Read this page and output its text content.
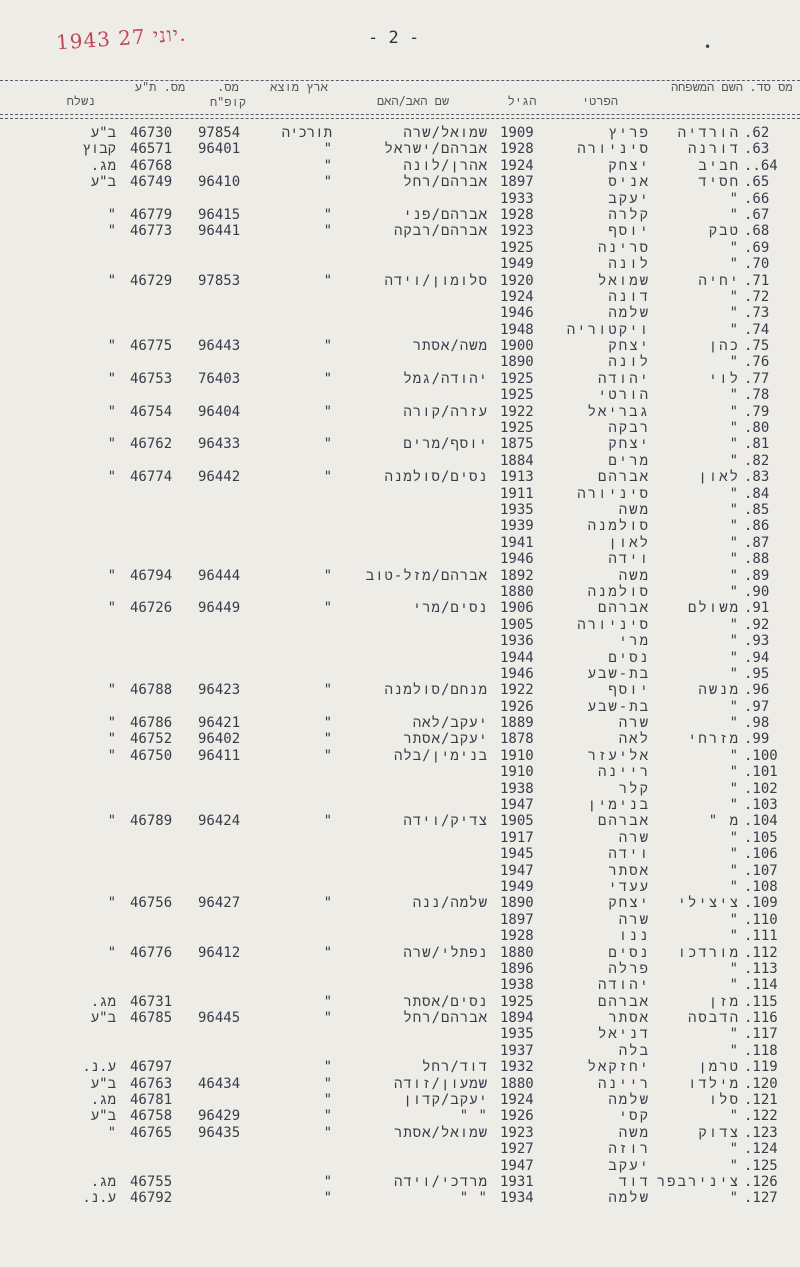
1943 יוני 27.	- 2 -	•
מס סד.
השם המשפחה
הפרטי
הגיל
שם האב/האם
ארץ מוצא
מס. קופ"ח
מס. ת"ע
נשלח
.62
הורדיה
פריץ
1909
שמואל/שרה
תורכיה
97854
46730
ב"ע
.63
דורנה
סיניורה
1928
אברהם/ישראל
"
96401
46571
קבוץ
..64
חביב
יצחק
1924
אהרן/לונה
"
46768
מג.
.65
חסיד
אניס
1897
אברהם/רחל
"
96410
46749
ב"ע
.66
"
יעקב
1933
.67
"
קלרה
1928
אברהם/פני
"
96415
46779
"
.68
טבק
יוסף
1923
אברהם/רבקה
"
96441
46773
"
.69
"
סרינה
1925
.70
"
לונה
1949
.71
יחיה
שמואל
1920
סלומון/וידה
"
97853
46729
"
.72
"
דונה
1924
.73
"
שלמה
1946
.74
"
ויקטוריה
1948
.75
כהן
יצחק
1900
משה/אסתר
"
96443
46775
"
.76
"
לונה
1890
.77
לוי
יהודה
1925
יהודה/גמל
"
76403
46753
"
.78
"
הורטי
1925
.79
"
גבריאל
1922
עזרה/קורה
"
96404
46754
"
.80
"
רבקה
1925
.81
"
יצחק
1875
יוסף/מרים
"
96433
46762
"
.82
"
מרים
1884
.83
לאון
אברהם
1913
נסים/סולמנה
"
96442
46774
"
.84
"
סיניורה
1911
.85
"
משה
1935
.86
"
סולמנה
1939
.87
"
לאון
1941
.88
"
וידה
1946
.89
"
משה
1892
אברהם/מזל-טוב
"
96444
46794
"
.90
"
סולמנה
1880
.91
משולם
אברהם
1906
נסים/מרי
"
96449
46726
"
.92
"
סיניורה
1905
.93
"
מרי
1936
.94
"
נסים
1944
.95
"
בת-שבע
1946
.96
מנשה
יוסף
1922
מנחם/סולמנה
"
96423
46788
"
.97
"
בת-שבע
1926
.98
"
שרה
1889
יעקב/לאה
"
96421
46786
"
.99
מזרחי
לאה
1878
יעקב/אסתר
"
96402
46752
"
.100
"
אליעזר
1910
בנימין/בלה
"
96411
46750
"
.101
"
ריינה
1910
.102
"
קלר
1938
.103
"
בנימין
1947
.104
מ "
אברהם
1905
צדיק/וידה
"
96424
46789
"
.105
"
שרה
1917
.106
"
וידה
1945
.107
"
אסתר
1947
.108
"
עעדי
1949
.109
ציצילי
יצחק
1890
שלמה/ננה
"
96427
46756
"
.110
"
שרה
1897
.111
"
ננו
1928
.112
מורדכו
נסים
1880
נפתלי/שרה
"
96412
46776
"
.113
"
פרלה
1896
.114
"
יהודה
1938
.115
מזן
אברהם
1925
נסים/אסתר
"
46731
מג.
.116
הדבסה
אסתר
1894
אברהם/רחל
"
96445
46785
ב"ע
.117
"
דניאל
1935
.118
"
בלה
1937
.119
טרמן
יחזקאל
1932
דוד/רחל
"
46797
ע.נ.
.120
מילדו
ריינה
1880
שמעון/זודה
"
46434
46763
ב"ע
.121
סלו
שלמה
1924
יעקב/קדון
"
46781
מג.
.122
"
קסי
1926
" "
"
96429
46758
ב"ע
.123
צדוק
משה
1923
שמואל/אסתר
"
96435
46765
"
.124
"
רוזה
1927
.125
"
יעקב
1947
.126
צינירבפר
דוד
1931
מרדכי/וידה
"
46755
מג.
.127
"
שלמה
1934
" "
"
46792
ע.נ.
